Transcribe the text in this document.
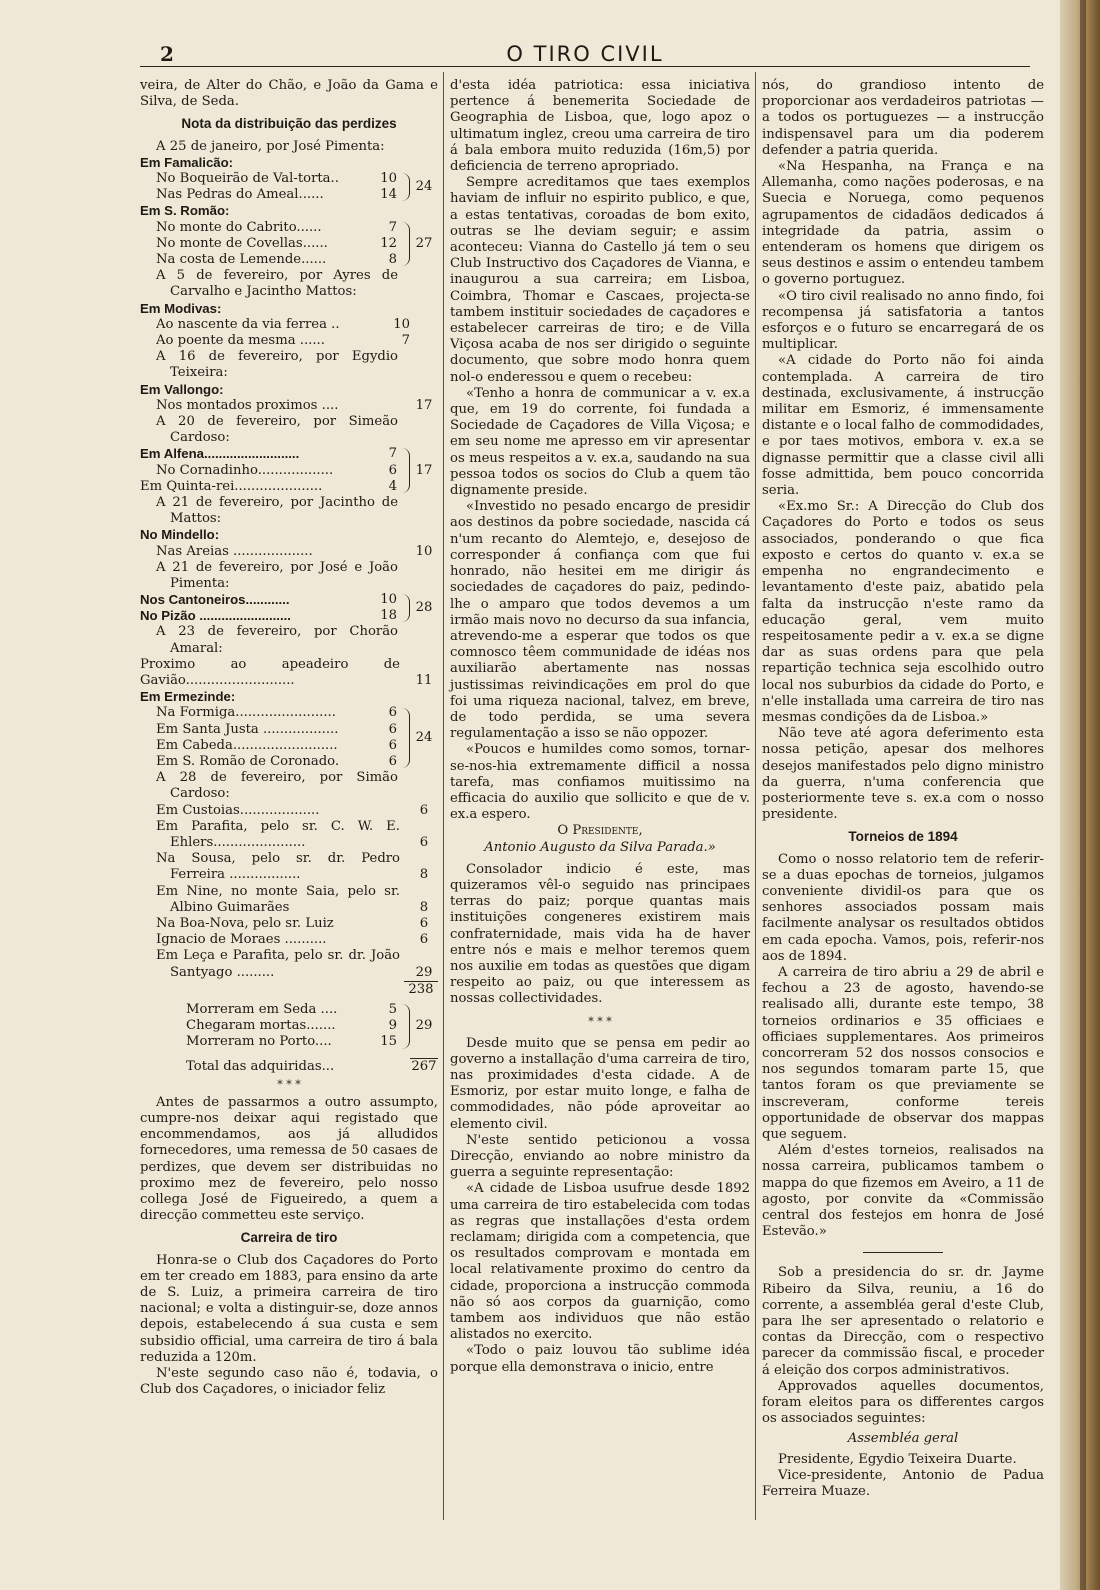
2	O TIRO CIVIL

veira, de Alter do Chão, e João da Gama e Silva, de Seda.

Nota da distribuição das perdizes

A 25 de janeiro, por José Pimenta:

Em Famalicão:
No Boqueirão de Val-torta..	10
Nas Pedras do Ameal......	14
24
Em S. Romão:
No monte do Cabrito......	7
No monte de Covellas......	12
Na costa de Lemende......	8
27

A 5 de fevereiro, por Ayres de Carvalho e Jacintho Mattos:

Em Modivas:
Ao nascente da via ferrea ..	10
Ao poente da mesma ......	7

A 16 de fevereiro, por Egydio Teixeira:

Em Vallongo:
Nos montados proximos ....	17

A 20 de fevereiro, por Simeão Cardoso:

Em Alfena..........................	7
No Cornadinho..................	6
Em Quinta-rei.....................	4
17

A 21 de fevereiro, por Jacintho de Mattos:

No Mindello:
Nas Areias ...................	10

A 21 de fevereiro, por José e João Pimenta:

Nos Cantoneiros............	10
No Pizão .........................	18
28

A 23 de fevereiro, por Chorão Amaral:

Proximo ao apeadeiro de Gavião..........................	11
Em Ermezinde:
Na Formiga........................	6
Em Santa Justa ..................	6
Em Cabeda.........................	6
Em S. Romão de Coronado.	6
24

A 28 de fevereiro, por Simão Cardoso:

Em Custoias...................	6

Em Parafita, pelo sr. C. W. E. Ehlers......................	6

Na Sousa, pelo sr. dr. Pedro Ferreira .................	8

Em Nine, no monte Saia, pelo sr. Albino Guimarães	8
Na Boa-Nova, pelo sr. Luiz	6
Ignacio de Moraes ..........	6

Em Leça e Parafita, pelo sr. dr. João Santyago .........	29
238
Morreram em Seda ....	5
Chegaram mortas.......	9
Morreram no Porto....	15
29
Total das adquiridas...	267
* * *

Antes de passarmos a outro assumpto, cumpre-nos deixar aqui registado que encommendamos, aos já alludidos fornecedores, uma remessa de 50 casaes de perdizes, que devem ser distribuidas no proximo mez de fevereiro, pelo nosso collega José de Figueiredo, a quem a direcção commetteu este serviço.

Carreira de tiro

Honra-se o Club dos Caçadores do Porto em ter creado em 1883, para ensino da arte de S. Luiz, a primeira carreira de tiro nacional; e volta a distinguir-se, doze annos depois, estabelecendo á sua custa e sem subsidio official, uma carreira de tiro á bala reduzida a 120m.

N'este segundo caso não é, todavia, o Club dos Caçadores, o iniciador feliz

d'esta idéa patriotica: essa iniciativa pertence á benemerita Sociedade de Geographia de Lisboa, que, logo apoz o ultimatum inglez, creou uma carreira de tiro á bala embora muito reduzida (16m,5) por deficiencia de terreno apropriado.

Sempre acreditamos que taes exemplos haviam de influir no espirito publico, e que, a estas tentativas, coroadas de bom exito, outras se lhe deviam seguir; e assim aconteceu: Vianna do Castello já tem o seu Club Instructivo dos Caçadores de Vianna, e inaugurou a sua carreira; em Lisboa, Coimbra, Thomar e Cascaes, projecta-se tambem instituir sociedades de caçadores e estabelecer carreiras de tiro; e de Villa Viçosa acaba de nos ser dirigido o seguinte documento, que sobre modo honra quem nol-o enderessou e quem o recebeu:

«Tenho a honra de communicar a v. ex.a que, em 19 do corrente, foi fundada a Sociedade de Caçadores de Villa Viçosa; e em seu nome me apresso em vir apresentar os meus respeitos a v. ex.a, saudando na sua pessoa todos os socios do Club a quem tão dignamente preside.

«Investido no pesado encargo de presidir aos destinos da pobre sociedade, nascida cá n'um recanto do Alemtejo, e, desejoso de corresponder á confiança com que fui honrado, não hesitei em me dirigir ás sociedades de caçadores do paiz, pedindo-lhe o amparo que todos devemos a um irmão mais novo no decurso da sua infancia, atrevendo-me a esperar que todos os que comnosco têem communidade de idéas nos auxiliarão abertamente nas nossas justissimas reivindicações em prol do que foi uma riqueza nacional, talvez, em breve, de todo perdida, se uma severa regulamentação a isso se não oppozer.

«Poucos e humildes como somos, tornar-se-nos-hia extremamente difficil a nossa tarefa, mas confiamos muitissimo na efficacia do auxilio que sollicito e que de v. ex.a espero.

O Presidente,
Antonio Augusto da Silva Parada.»

Consolador indicio é este, mas quizeramos vêl-o seguido nas principaes terras do paiz; porque quantas mais instituições congeneres existirem mais confraternidade, mais vida ha de haver entre nós e mais e melhor teremos quem nos auxilie em todas as questões que digam respeito ao paiz, ou que interessem as nossas collectividades.

* * *

Desde muito que se pensa em pedir ao governo a installação d'uma carreira de tiro, nas proximidades d'esta cidade. A de Esmoriz, por estar muito longe, e falha de commodidades, não póde aproveitar ao elemento civil.

N'este sentido peticionou a vossa Direcção, enviando ao nobre ministro da guerra a seguinte representação:

«A cidade de Lisboa usufrue desde 1892 uma carreira de tiro estabelecida com todas as regras que installações d'esta ordem reclamam; dirigida com a competencia, que os resultados comprovam e montada em local relativamente proximo do centro da cidade, proporciona a instrucção commoda não só aos corpos da guarnição, como tambem aos individuos que não estão alistados no exercito.

«Todo o paiz louvou tão sublime idéa porque ella demonstrava o inicio, entre

nós, do grandioso intento de proporcionar aos verdadeiros patriotas — a todos os portuguezes — a instrucção indispensavel para um dia poderem defender a patria querida.

«Na Hespanha, na França e na Allemanha, como nações poderosas, e na Suecia e Noruega, como pequenos agrupamentos de cidadãos dedicados á integridade da patria, assim o entenderam os homens que dirigem os seus destinos e assim o entendeu tambem o governo portuguez.

«O tiro civil realisado no anno findo, foi recompensa já satisfatoria a tantos esforços e o futuro se encarregará de os multiplicar.

«A cidade do Porto não foi ainda contemplada. A carreira de tiro destinada, exclusivamente, á instrucção militar em Esmoriz, é immensamente distante e o local falho de commodidades, e por taes motivos, embora v. ex.a se dignasse permittir que a classe civil alli fosse admittida, bem pouco concorrida seria.

«Ex.mo Sr.: A Direcção do Club dos Caçadores do Porto e todos os seus associados, ponderando o que fica exposto e certos do quanto v. ex.a se empenha no engrandecimento e levantamento d'este paiz, abatido pela falta da instrucção n'este ramo da educação geral, vem muito respeitosamente pedir a v. ex.a se digne dar as suas ordens para que pela repartição technica seja escolhido outro local nos suburbios da cidade do Porto, e n'elle installada uma carreira de tiro nas mesmas condições da de Lisboa.»

Não teve até agora deferimento esta nossa petição, apesar dos melhores desejos manifestados pelo digno ministro da guerra, n'uma conferencia que posteriormente teve s. ex.a com o nosso presidente.

Torneios de 1894

Como o nosso relatorio tem de referir-se a duas epochas de torneios, julgamos conveniente dividil-os para que os senhores associados possam mais facilmente analysar os resultados obtidos em cada epocha. Vamos, pois, referir-nos aos de 1894.

A carreira de tiro abriu a 29 de abril e fechou a 23 de agosto, havendo-se realisado alli, durante este tempo, 38 torneios ordinarios e 35 officiaes e officiaes supplementares. Aos primeiros concorreram 52 dos nossos consocios e nos segundos tomaram parte 15, que tantos foram os que previamente se inscreveram, conforme tereis opportunidade de observar dos mappas que seguem.

Além d'estes torneios, realisados na nossa carreira, publicamos tambem o mappa do que fizemos em Aveiro, a 11 de agosto, por convite da «Commissão central dos festejos em honra de José Estevão.»

Sob a presidencia do sr. dr. Jayme Ribeiro da Silva, reuniu, a 16 do corrente, a assembléa geral d'este Club, para lhe ser apresentado o relatorio e contas da Direcção, com o respectivo parecer da commissão fiscal, e proceder á eleição dos corpos administrativos.

Approvados aquelles documentos, foram eleitos para os differentes cargos os associados seguintes:

Assembléa geral

Presidente, Egydio Teixeira Duarte.

Vice-presidente, Antonio de Padua Ferreira Muaze.
